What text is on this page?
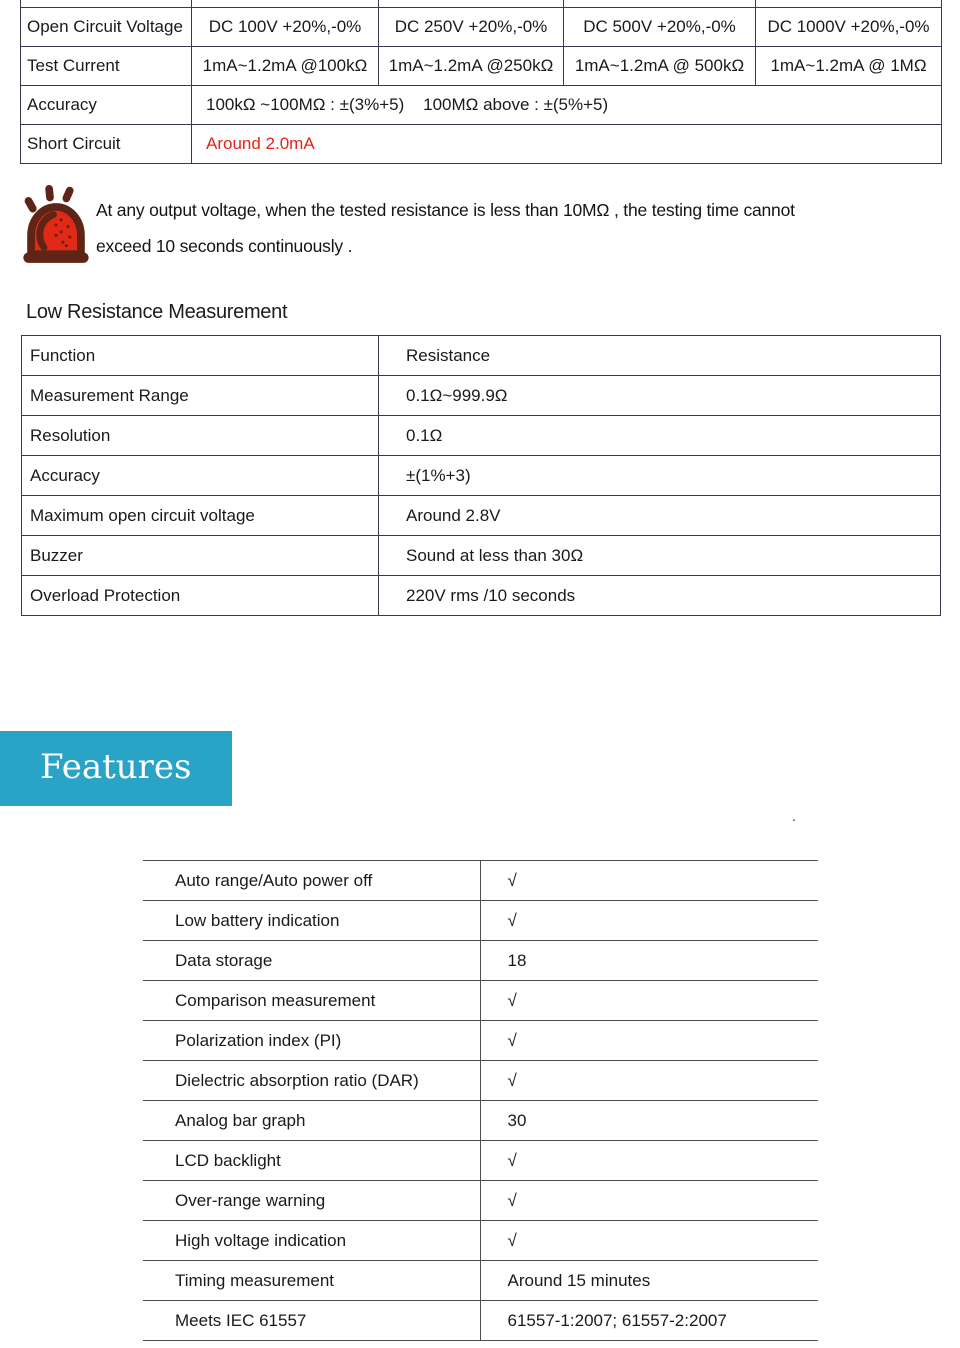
Open Circuit Voltage	DC 100V +20%,-0%	DC 250V +20%,-0%	DC 500V +20%,-0%	DC 1000V +20%,-0%
Test Current	1mA~1.2mA @100kΩ	1mA~1.2mA @250kΩ	1mA~1.2mA @ 500kΩ	1mA~1.2mA @ 1MΩ
Accuracy	100kΩ ~100MΩ : ±(3%+5)    100MΩ above : ±(5%+5)			
Short Circuit	Around 2.0mA			
At any output voltage, when the tested resistance is less than 10MΩ , the testing time cannot
exceed 10 seconds continuously .
Low Resistance Measurement
Function	Resistance
Measurement Range	0.1Ω~999.9Ω
Resolution	0.1Ω
Accuracy	±(1%+3)
Maximum open circuit voltage	Around 2.8V
Buzzer	Sound at less than 30Ω
Overload Protection	220V rms /10 seconds
Features
.
Auto range/Auto power off	√
Low battery indication	√
Data storage	18
Comparison measurement	√
Polarization index (PI)	√
Dielectric absorption ratio (DAR)	√
Analog bar graph	30
LCD backlight	√
Over-range warning	√
High voltage indication	√
Timing measurement	Around 15 minutes
Meets IEC 61557	61557-1:2007; 61557-2:2007
